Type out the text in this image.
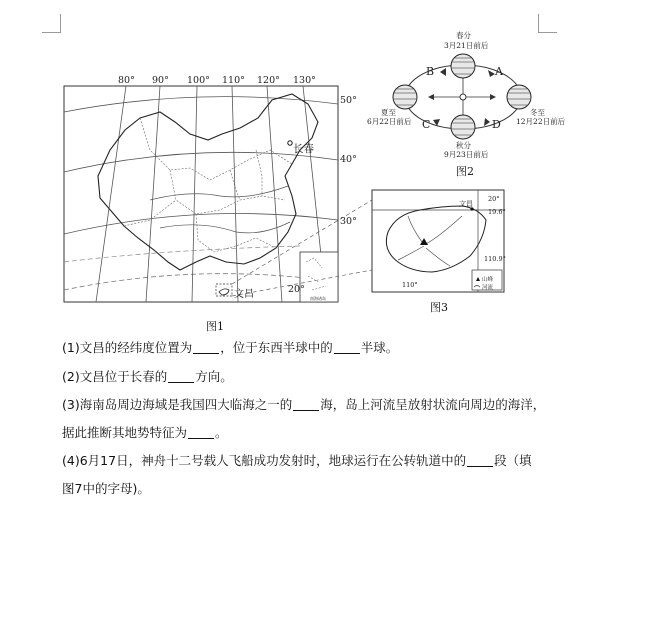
80° 90° 100° 110° 120° 130°
50°
40°
30°
20°
长春
文昌	南海诸岛
春分
3月21日前后
夏至
6月22日前后
秋分
9月23日前后
冬至
12月22日前后
A
B
C	D
20°
19.6°
110.9°
110°
文昌
山峰
河流
图1
图2
图3
(1)文昌的经纬度位置为 ，位于东西半球中的 半球。
(2)文昌位于长春的 方向。
(3)海南岛周边海域是我国四大临海之一的 海，岛上河流呈放射状流向周边的海洋，
据此推断其地势特征为 。
(4)6月17日，神舟十二号载人飞船成功发射时，地球运行在公转轨道中的 段（填
图7中的字母)。
